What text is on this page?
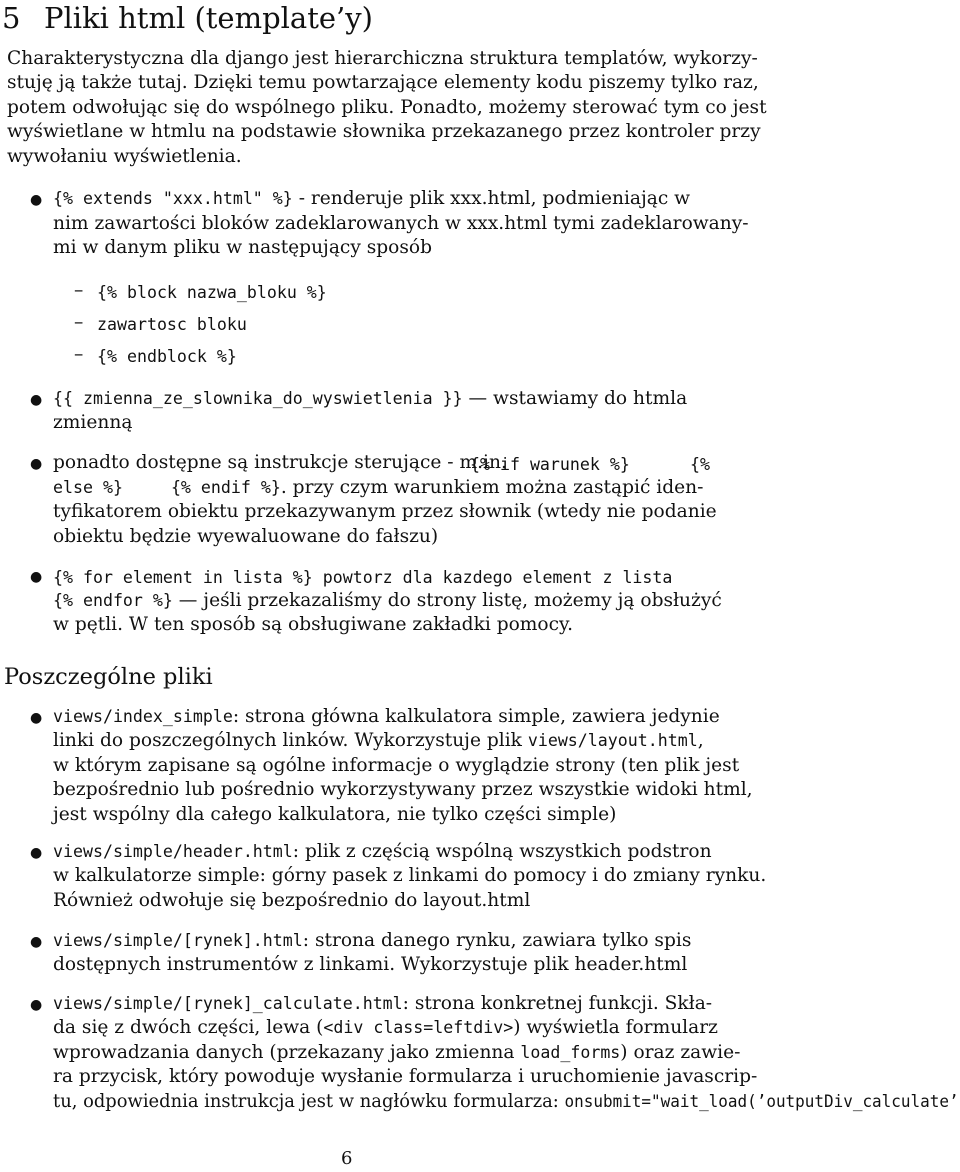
5 Pliki html (template’y)
Charakterystyczna dla django jest hierarchiczna struktura templatów, wykorzy-
stuję ją także tutaj. Dzięki temu powtarzające elementy kodu piszemy tylko raz,
potem odwołując się do wspólnego pliku. Ponadto, możemy sterować tym co jest
wyświetlane w htmlu na podstawie słownika przekazanego przez kontroler przy
wywołaniu wyświetlenia.
● {% extends "xxx.html" %} - renderuje plik xxx.html, podmieniając w
nim zawartości bloków zadeklarowanych w xxx.html tymi zadeklarowany-
mi w danym pliku w następujący sposób
– {% block nazwa_bloku %}
– zawartosc bloku
– {% endblock %}
● {{ zmienna_ze_slownika_do_wyswietlenia }} — wstawiamy do htmla
zmienną
● ponadto dostępne są instrukcje sterujące - m.in.
{% if warunek %}	{%
else %}	{% endif %}. przy czym warunkiem można zastąpić iden-
tyfikatorem obiektu przekazywanym przez słownik (wtedy nie podanie
obiektu będzie wyewaluowane do fałszu)
● {% for element in lista %} powtorz dla kazdego element z lista
{% endfor %} — jeśli przekazaliśmy do strony listę, możemy ją obsłużyć
w pętli. W ten sposób są obsługiwane zakładki pomocy.
Poszczególne pliki
● views/index_simple: strona główna kalkulatora simple, zawiera jedynie
linki do poszczególnych linków. Wykorzystuje plik views/layout.html,
w którym zapisane są ogólne informacje o wyglądzie strony (ten plik jest
bezpośrednio lub pośrednio wykorzystywany przez wszystkie widoki html,
jest wspólny dla całego kalkulatora, nie tylko części simple)
● views/simple/header.html: plik z częścią wspólną wszystkich podstron
w kalkulatorze simple: górny pasek z linkami do pomocy i do zmiany rynku.
Również odwołuje się bezpośrednio do layout.html
● views/simple/[rynek].html: strona danego rynku, zawiara tylko spis
dostępnych instrumentów z linkami. Wykorzystuje plik header.html
● views/simple/[rynek]_calculate.html: strona konkretnej funkcji. Skła-
da się z dwóch części, lewa (<div class=leftdiv>) wyświetla formularz
wprowadzania danych (przekazany jako zmienna load_forms) oraz zawie-
ra przycisk, który powoduje wysłanie formularza i uruchomienie javascrip-
tu, odpowiednia instrukcja jest w nagłówku formularza: onsubmit="wait_load(’outputDiv_calculate’
6
